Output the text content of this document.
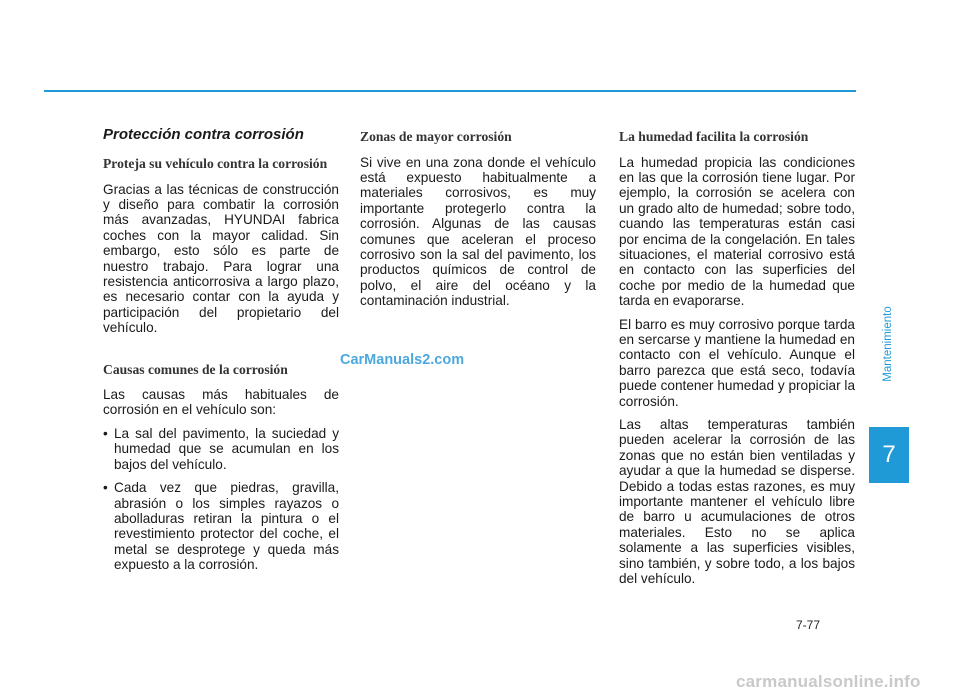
Protección contra corrosión
Proteja su vehículo contra la corrosión

Gracias a las técnicas de construcción y diseño para combatir la corrosión más avanzadas, HYUNDAI fabrica coches con la mayor calidad. Sin embargo, esto sólo es parte de nuestro trabajo. Para lograr una resistencia anticorrosiva a largo plazo, es necesario contar con la ayuda y participación del propietario del vehículo.

Causas comunes de la corrosión

Las causas más habituales de corrosión en el vehículo son:

• La sal del pavimento, la suciedad y humedad que se acumulan en los bajos del vehículo.
• Cada vez que piedras, gravilla, abrasión o los simples rayazos o abolladuras retiran la pintura o el revestimiento protector del coche, el metal se desprotege y queda más expuesto a la corrosión.
Zonas de mayor corrosión

Si vive en una zona donde el vehículo está expuesto habitualmente a materiales corrosivos, es muy importante protegerlo contra la corrosión. Algunas de las causas comunes que aceleran el proceso corrosivo son la sal del pavimento, los productos químicos de control de polvo, el aire del océano y la contaminación industrial.

La humedad facilita la corrosión

La humedad propicia las condiciones en las que la corrosión tiene lugar. Por ejemplo, la corrosión se acelera con un grado alto de humedad; sobre todo, cuando las temperaturas están casi por encima de la congelación. En tales situaciones, el material corrosivo está en contacto con las superficies del coche por medio de la humedad que tarda en evaporarse.

El barro es muy corrosivo porque tarda en sercarse y mantiene la humedad en contacto con el vehículo. Aunque el barro parezca que está seco, todavía puede contener humedad y propiciar la corrosión.

Las altas temperaturas también pueden acelerar la corrosión de las zonas que no están bien ventiladas y ayudar a que la humedad se disperse. Debido a todas estas razones, es muy importante mantener el vehículo libre de barro u acumulaciones de otros materiales. Esto no se aplica solamente a las superficies visibles, sino también, y sobre todo, a los bajos del vehículo.

CarManuals2.com	Mantenimiento
7
7-77
carmanualsonline.info
